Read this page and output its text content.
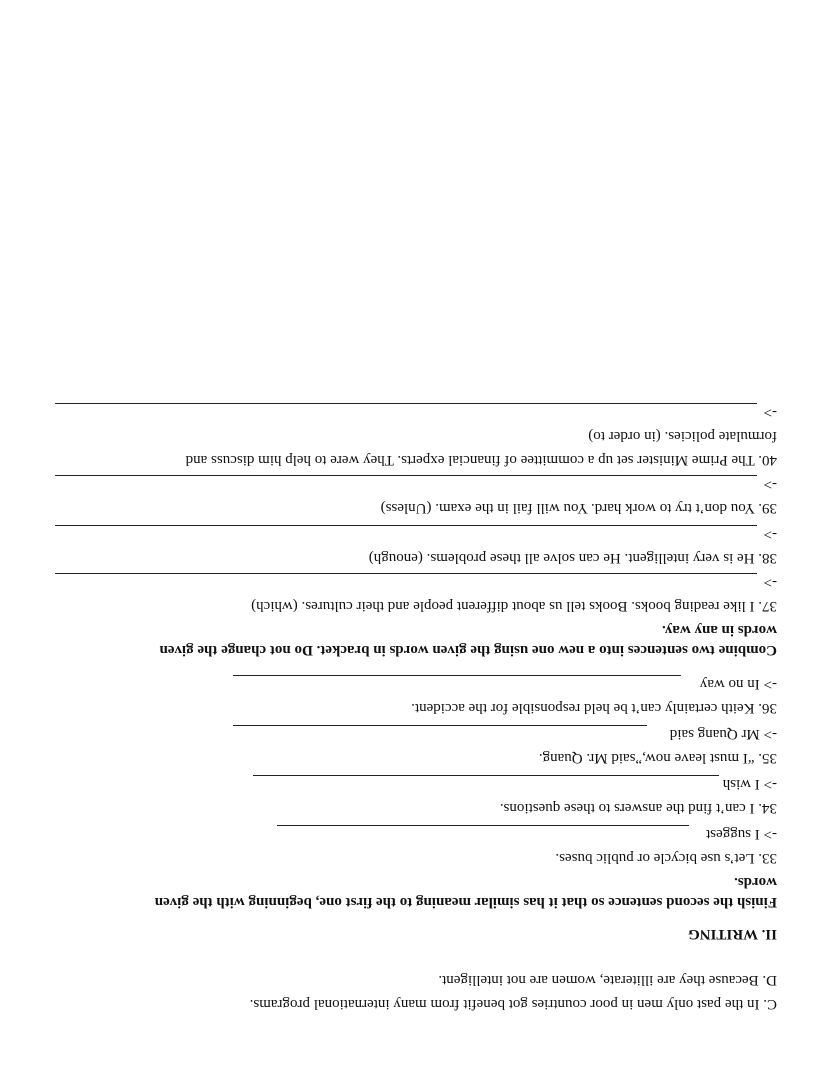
C. In the past only men in poor countries got benefit from many international programs.
D. Because they are illiterate, women are not intelligent.
II. WRITING
Finish the second sentence so that it has similar meaning to the first one, beginning with the given
words.
33. Let’s use bicycle or public buses.
-> I suggest
34. I can’t find the answers to these questions.
-> I wish
35. “I must leave now,”said Mr. Quang.
-> Mr Quang said
36. Keith certainly can’t be held responsible for the accident.
-> In no way
Combine two sentences into a new one using the given words in bracket. Do not change the given
words in any way.
37. I like reading books. Books tell us about different people and their cultures. (which)
->
38. He is very intelligent. He can solve all these problems. (enough)
->
39. You don’t try to work hard. You will fail in the exam. (Unless)
->
40. The Prime Minister set up a committee of financial experts. They were to help him discuss and
formulate policies. (in order to)
->
